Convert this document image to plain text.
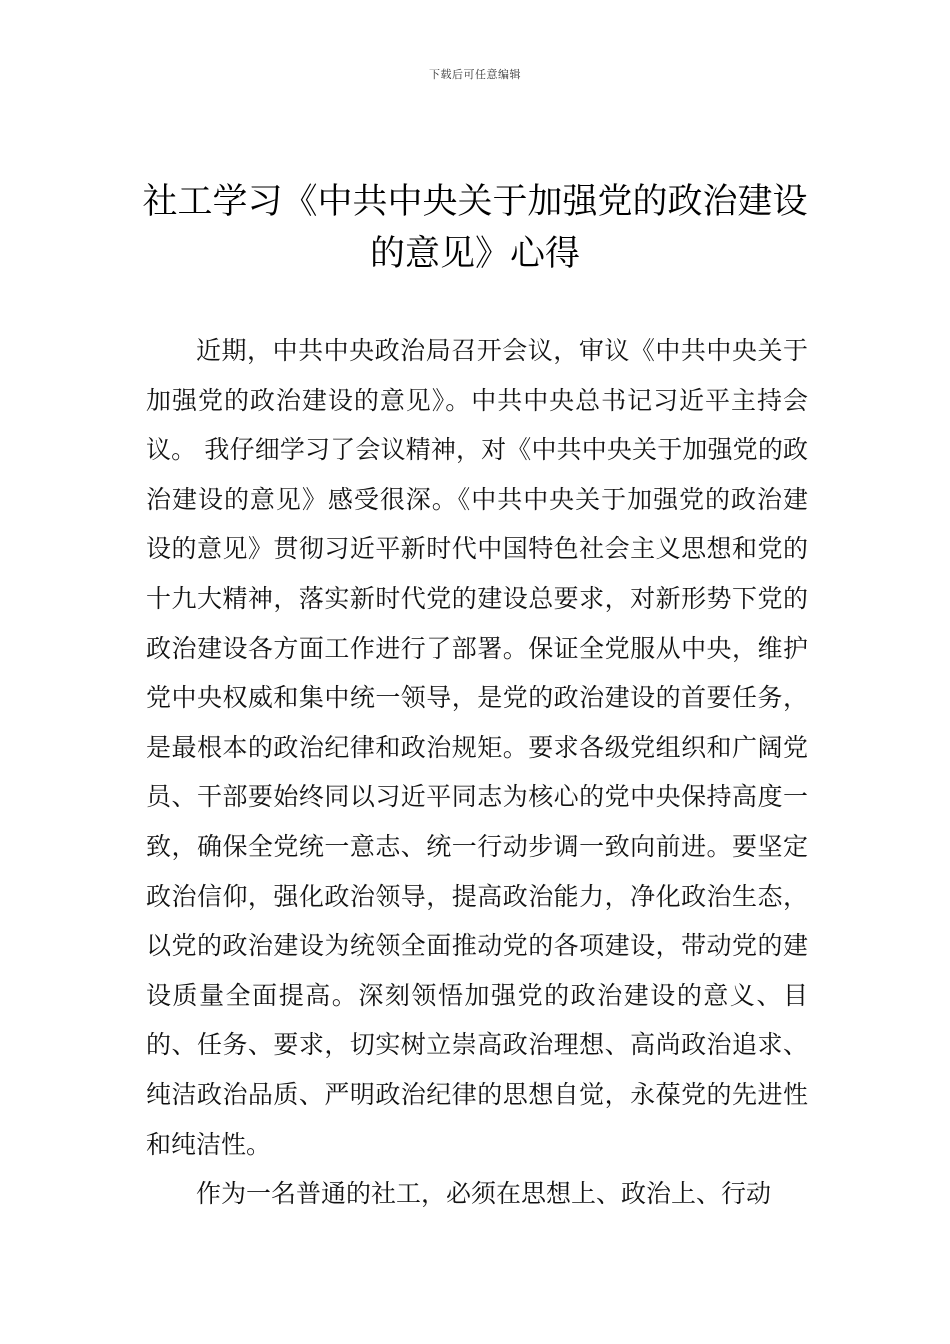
下载后可任意编辑
社工学习《中共中央关于加强党的政治建设的意见》心得

近期，中共中央政治局召开会议，审议《中共中央关于加强党的政治建设的意见》。中共中央总书记习近平主持会议。 我仔细学习了会议精神，对《中共中央关于加强党的政治建设的意见》感受很深。《中共中央关于加强党的政治建设的意见》贯彻习近平新时代中国特色社会主义思想和党的十九大精神，落实新时代党的建设总要求，对新形势下党的政治建设各方面工作进行了部署。保证全党服从中央，维护党中央权威和集中统一领导，是党的政治建设的首要任务，是最根本的政治纪律和政治规矩。要求各级党组织和广阔党员、干部要始终同以习近平同志为核心的党中央保持高度一致，确保全党统一意志、统一行动步调一致向前进。要坚定政治信仰，强化政治领导，提高政治能力，净化政治生态，以党的政治建设为统领全面推动党的各项建设，带动党的建设质量全面提高。深刻领悟加强党的政治建设的意义、目的、任务、要求，切实树立崇高政治理想、高尚政治追求、纯洁政治品质、严明政治纪律的思想自觉，永葆党的先进性和纯洁性。

作为一名普通的社工，必须在思想上、政治上、行动
